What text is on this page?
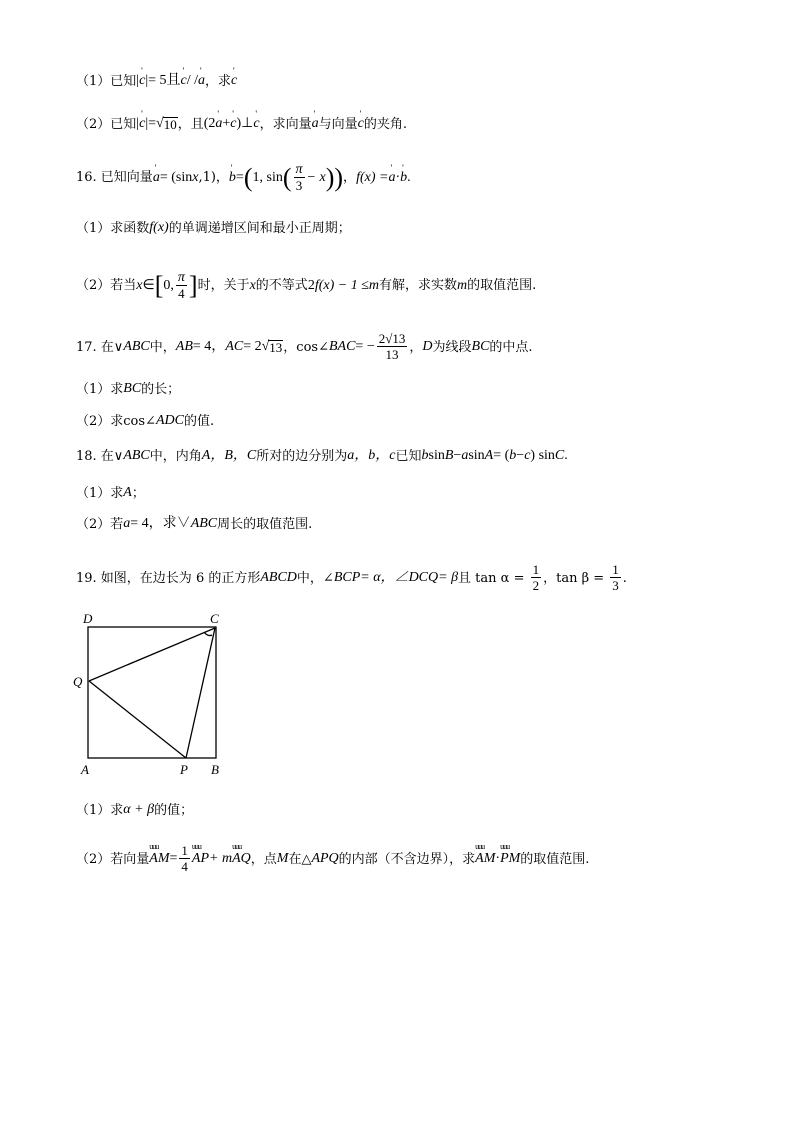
（1）已知 | ' c |= 5且 ' c / / ' a ，求 ' c
（2）已知 | ' c |= √ 10 ，且 (2 ' a + ' c )⊥ ' c ，求向量 ' a 与向量 ' c 的夹角.
16. 已知向量 ' a = (sin x ,1)， ' b = ( 1, sin ( $\frac{\pi}{3} - x$ ) ) ， f (x) = ' a · ' b .
（1）求函数 f (x) 的单调递增区间和最小正周期；
（2）若当 x ∈ [ 0, $\frac{\pi}{4}$ ] 时，关于 x 的不等式 2 f (x) − 1 ≤ m 有解，求实数 m 的取值范围.
17. 在∨ ABC 中， AB = 4， AC = 2 √ 13 ，cos∠ BAC = − $\frac{2√13}{13}$ ， D 为线段 BC 的中点.
（1）求 BC 的长；
（2）求cos∠ ADC 的值.
18. 在∨ ABC 中，内角 A，B，C 所对的边分别为 a，b，c 已知 b sin B − a sin A = ( b − c ) sin C .
（1）求 A ；
（2）若 a = 4，求∨ ABC 周长的取值范围.
19. 如图，在边长为 6 的正方形 ABCD 中，∠ BCP = α，∠ DCQ = β 且 $\tan \alpha = \frac{1}{2}$ ，$\tan \beta = \frac{1}{3}$ .
D	C
Q
A	P B
（1）求 α + β 的值；
（2）若向量 uuu AM = $\frac{1}{4}$ uuu AP + m uuu AQ ，点 M 在△ APQ 的内部（不含边界），求 uuu AM · uuu PM 的取值范围.
